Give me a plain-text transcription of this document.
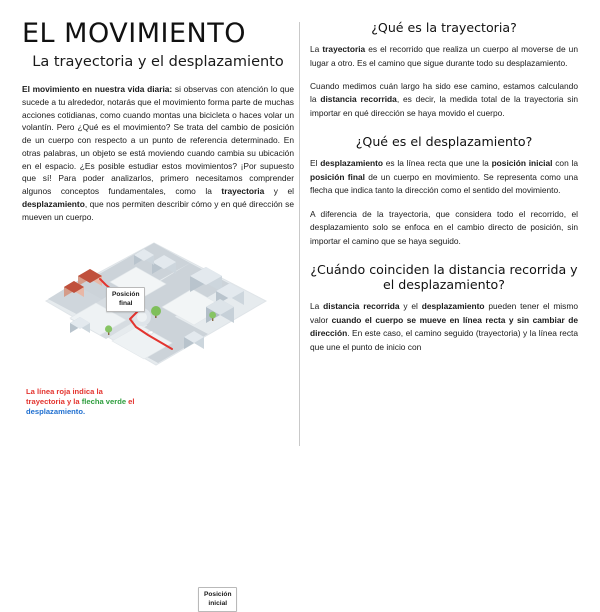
EL MOVIMIENTO
La trayectoria y el desplazamiento

El movimiento en nuestra vida diaria: si observas con atención lo que sucede a tu alrededor, notarás que el movimiento forma parte de muchas acciones cotidianas, como cuando montas una bicicleta o haces volar un volantín. Pero ¿Qué es el movimiento? Se trata del cambio de posición de un cuerpo con respecto a un punto de referencia determinado. En otras palabras, un objeto se está moviendo cuando cambia su ubicación en el espacio. ¿Es posible estudiar estos movimientos? ¡Por supuesto que sí! Para poder analizarlos, primero necesitamos comprender algunos conceptos fundamentales, como la trayectoria y el desplazamiento, que nos permiten describir cómo y en qué dirección se mueven un cuerpo.

Posición
final
Posición
inicial
La línea roja indica la trayectoria y la flecha verde el desplazamiento.
¿Qué es la trayectoria?

La trayectoria es el recorrido que realiza un cuerpo al moverse de un lugar a otro. Es el camino que sigue durante todo su desplazamiento.

Cuando medimos cuán largo ha sido ese camino, estamos calculando la distancia recorrida, es decir, la medida total de la trayectoria sin importar en qué dirección se haya movido el cuerpo.

¿Qué es el desplazamiento?

El desplazamiento es la línea recta que une la posición inicial con la posición final de un cuerpo en movimiento. Se representa como una flecha que indica tanto la dirección como el sentido del movimiento.

A diferencia de la trayectoria, que considera todo el recorrido, el desplazamiento solo se enfoca en el cambio directo de posición, sin importar el camino que se haya seguido.

¿Cuándo coinciden la distancia recorrida y el desplazamiento?

La distancia recorrida y el desplazamiento pueden tener el mismo valor cuando el cuerpo se mueve en línea recta y sin cambiar de dirección. En este caso, el camino seguido (trayectoria) y la línea recta que une el punto de inicio con
